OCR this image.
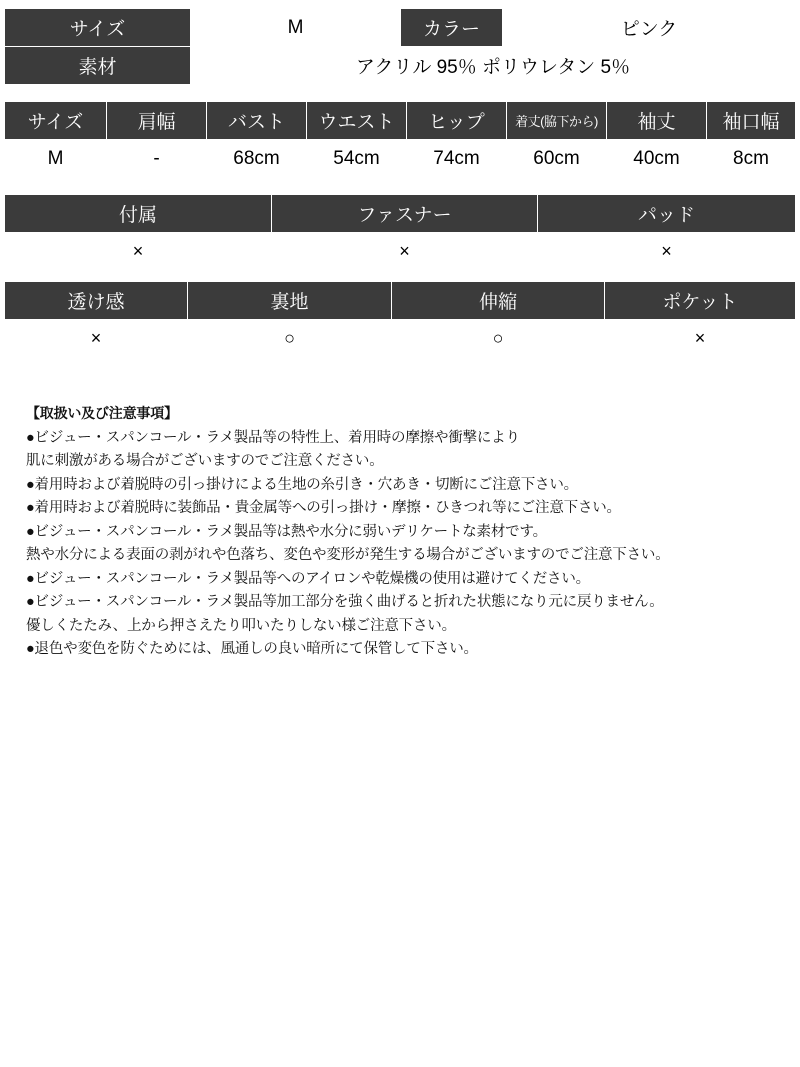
サイズ	M	カラー	ピンク
素材	アクリル 95％ ポリウレタン 5％		
サイズ	肩幅	バスト	ウエスト	ヒップ	着丈(脇下から)	袖丈	袖口幅
M	-	68cm	54cm	74cm	60cm	40cm	8cm
付属	ファスナー	パッド
×	×	×
透け感	裏地	伸縮	ポケット
×	○	○	×
【取扱い及び注意事項】

●ビジュー・スパンコール・ラメ製品等の特性上、着用時の摩擦や衝撃により

肌に刺激がある場合がございますのでご注意ください。

●着用時および着脱時の引っ掛けによる生地の糸引き・穴あき・切断にご注意下さい。

●着用時および着脱時に装飾品・貴金属等への引っ掛け・摩擦・ひきつれ等にご注意下さい。

●ビジュー・スパンコール・ラメ製品等は熱や水分に弱いデリケートな素材です。

熱や水分による表面の剥がれや色落ち、変色や変形が発生する場合がございますのでご注意下さい。

●ビジュー・スパンコール・ラメ製品等へのアイロンや乾燥機の使用は避けてください。

●ビジュー・スパンコール・ラメ製品等加工部分を強く曲げると折れた状態になり元に戻りません。

優しくたたみ、上から押さえたり叩いたりしない様ご注意下さい。

●退色や変色を防ぐためには、風通しの良い暗所にて保管して下さい。
